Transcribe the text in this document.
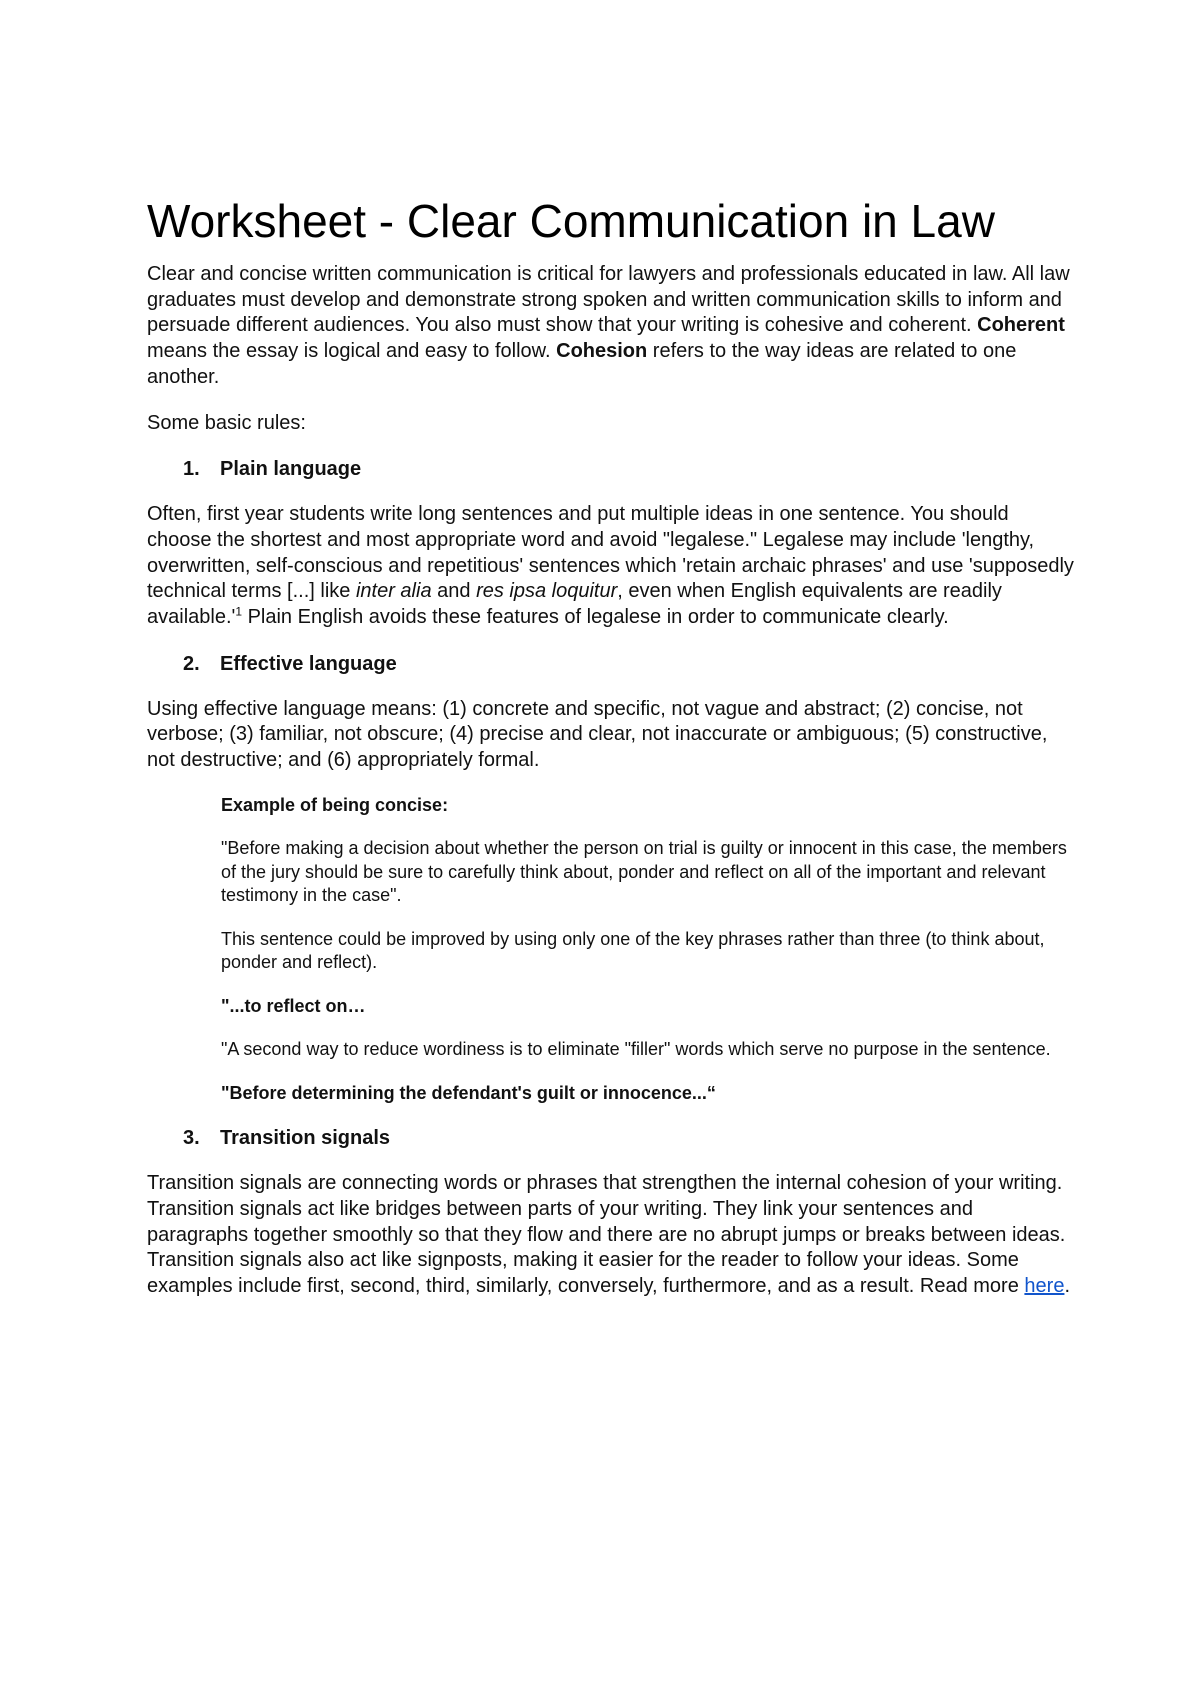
Worksheet - Clear Communication in Law

Clear and concise written communication is critical for lawyers and professionals educated in law. All law graduates must develop and demonstrate strong spoken and written communication skills to inform and persuade different audiences. You also must show that your writing is cohesive and coherent. Coherent means the essay is logical and easy to follow. Cohesion refers to the way ideas are related to one another.

Some basic rules:

1.	Plain language

Often, first year students write long sentences and put multiple ideas in one sentence. You should choose the shortest and most appropriate word and avoid "legalese." Legalese may include 'lengthy, overwritten, self-conscious and repetitious' sentences which 'retain archaic phrases' and use 'supposedly technical terms [...] like inter alia and res ipsa loquitur, even when English equivalents are readily $available.'^1$ Plain English avoids these features of legalese in order to communicate clearly.

2.	Effective language

Using effective language means: (1) concrete and specific, not vague and abstract; (2) concise, not verbose; (3) familiar, not obscure; (4) precise and clear, not inaccurate or ambiguous; (5) constructive, not destructive; and (6) appropriately formal.

Example of being concise:

"Before making a decision about whether the person on trial is guilty or innocent in this case, the members of the jury should be sure to carefully think about, ponder and reflect on all of the important and relevant testimony in the case".

This sentence could be improved by using only one of the key phrases rather than three (to think about, ponder and reflect).

"...to reflect on…

"A second way to reduce wordiness is to eliminate "filler" words which serve no purpose in the sentence.

"Before determining the defendant's guilt or innocence...“

3.	Transition signals

Transition signals are connecting words or phrases that strengthen the internal cohesion of your writing. Transition signals act like bridges between parts of your writing. They link your sentences and paragraphs together smoothly so that they flow and there are no abrupt jumps or breaks between ideas. Transition signals also act like signposts, making it easier for the reader to follow your ideas. Some examples include first, second, third, similarly, conversely, furthermore, and as a result. Read more here.
